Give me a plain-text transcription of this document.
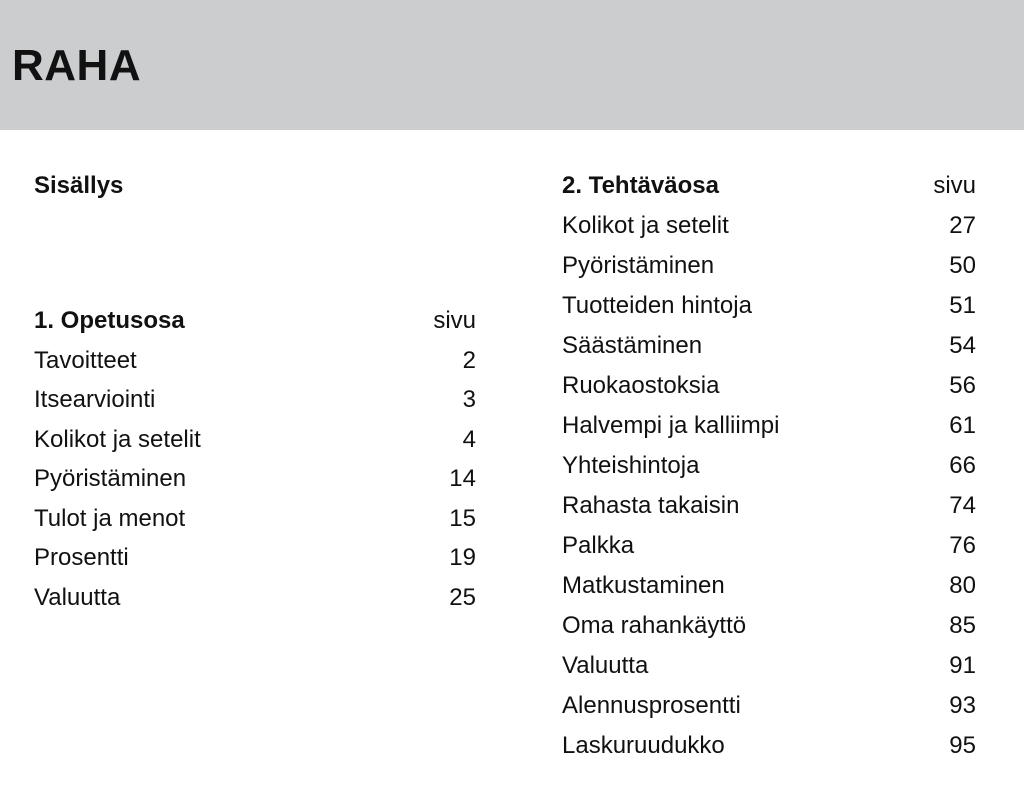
RAHA
Sisällys
1. Opetusosa	sivu
Tavoitteet	2
Itsearviointi	3
Kolikot ja setelit	4
Pyöristäminen	14
Tulot ja menot	15
Prosentti	19
Valuutta	25
2. Tehtäväosa	sivu
Kolikot ja setelit	27
Pyöristäminen	50
Tuotteiden hintoja	51
Säästäminen	54
Ruokaostoksia	56
Halvempi ja kalliimpi	61
Yhteishintoja	66
Rahasta takaisin	74
Palkka	76
Matkustaminen	80
Oma rahankäyttö	85
Valuutta	91
Alennusprosentti	93
Laskuruudukko	95
